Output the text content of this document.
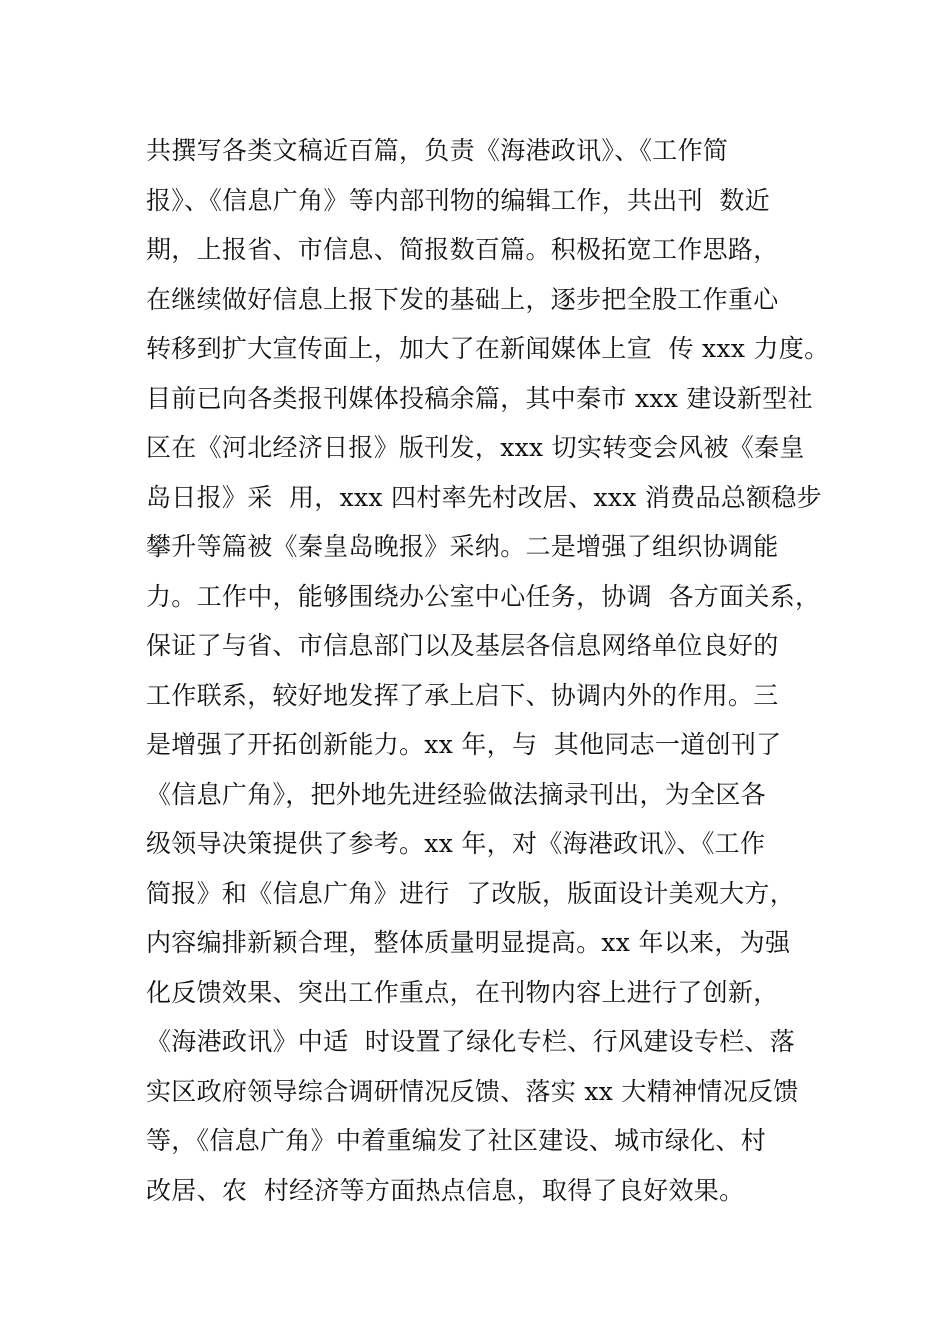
共撰写各类文稿近百篇，负责《海港政讯》、《工作简
报》、《信息广角》等内部刊物的编辑工作，共出刊  数近
期，上报省、市信息、简报数百篇。积极拓宽工作思路，
在继续做好信息上报下发的基础上，逐步把全股工作重心
转移到扩大宣传面上，加大了在新闻媒体上宣  传 xxx 力度。
目前已向各类报刊媒体投稿余篇，其中秦市 xxx 建设新型社
区在《河北经济日报》版刊发，xxx 切实转变会风被《秦皇
岛日报》采  用，xxx 四村率先村改居、xxx 消费品总额稳步
攀升等篇被《秦皇岛晚报》采纳。二是增强了组织协调能
力。工作中，能够围绕办公室中心任务，协调  各方面关系，
保证了与省、市信息部门以及基层各信息网络单位良好的
工作联系，较好地发挥了承上启下、协调内外的作用。三
是增强了开拓创新能力。xx 年，与  其他同志一道创刊了
《信息广角》，把外地先进经验做法摘录刊出，为全区各
级领导决策提供了参考。xx 年，对《海港政讯》、《工作
简报》和《信息广角》进行  了改版，版面设计美观大方，
内容编排新颖合理，整体质量明显提高。xx 年以来，为强
化反馈效果、突出工作重点，在刊物内容上进行了创新，
《海港政讯》中适  时设置了绿化专栏、行风建设专栏、落
实区政府领导综合调研情况反馈、落实 xx 大精神情况反馈
等，《信息广角》中着重编发了社区建设、城市绿化、村
改居、农  村经济等方面热点信息，取得了良好效果。
